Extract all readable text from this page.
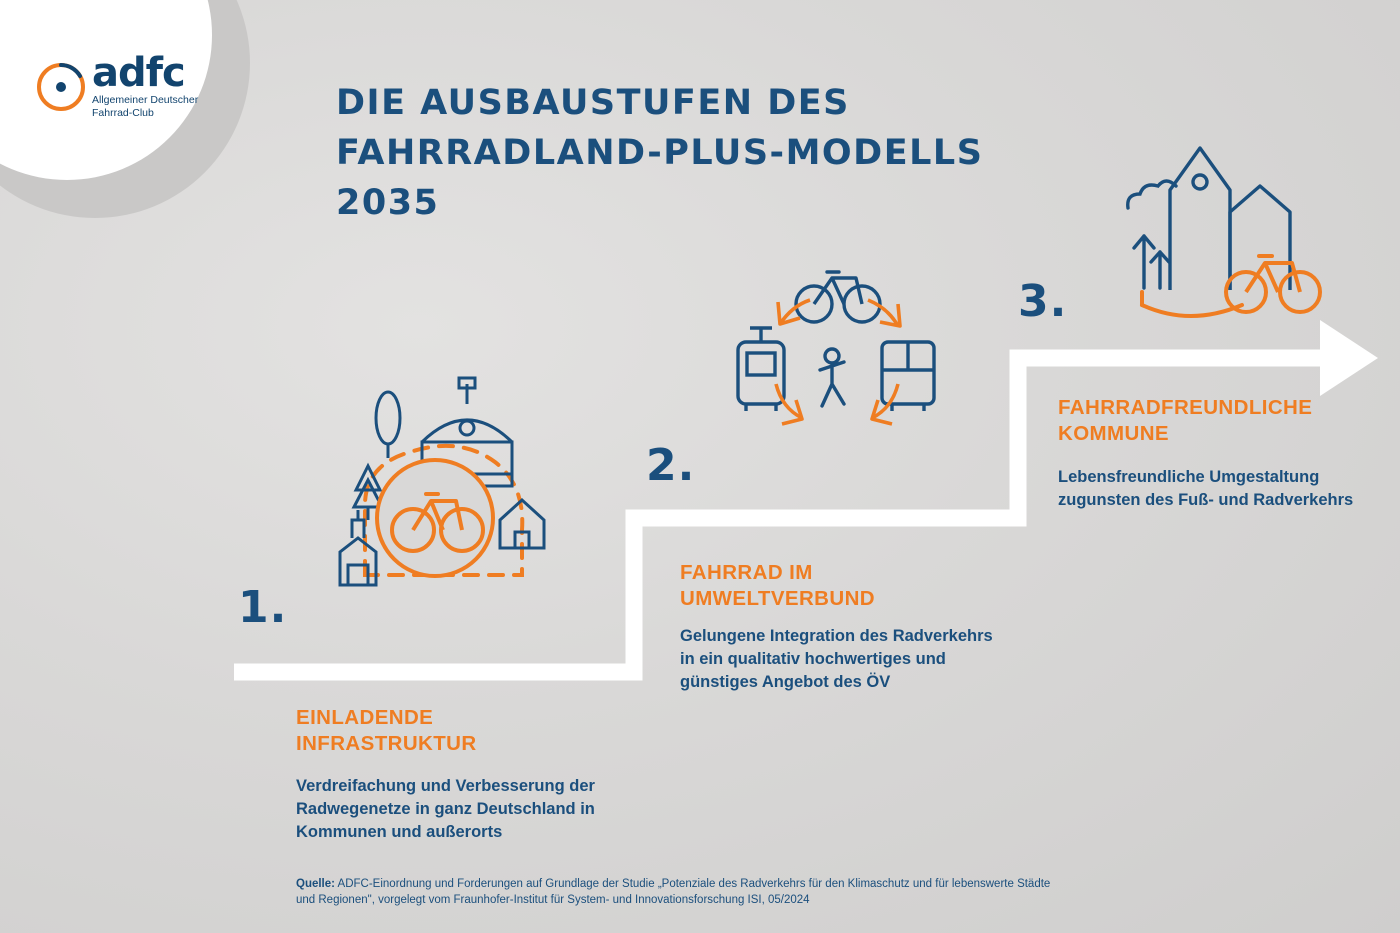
adfc
Allgemeiner Deutscher
Fahrrad-Club	DIE AUSBAUSTUFEN DES
FAHRRADLAND-PLUS-MODELLS 2035
1.
EINLADENDE
INFRASTRUKTUR
Verdreifachung und Verbesserung der Radwegenetze in ganz Deutschland in Kommunen und außerorts
2.
FAHRRAD IM
UMWELTVERBUND
Gelungene Integration des Radverkehrs in ein qualitativ hochwertiges und günstiges Angebot des ÖV
3.
FAHRRADFREUNDLICHE
KOMMUNE
Lebensfreundliche Umgestaltung zugunsten des Fuß- und Radverkehrs
Quelle: ADFC-Einordnung und Forderungen auf Grundlage der Studie „Potenziale des Radverkehrs für den Klimaschutz und für lebenswerte Städte und Regionen", vorgelegt vom Fraunhofer-Institut für System- und Innovationsforschung ISI, 05/2024
